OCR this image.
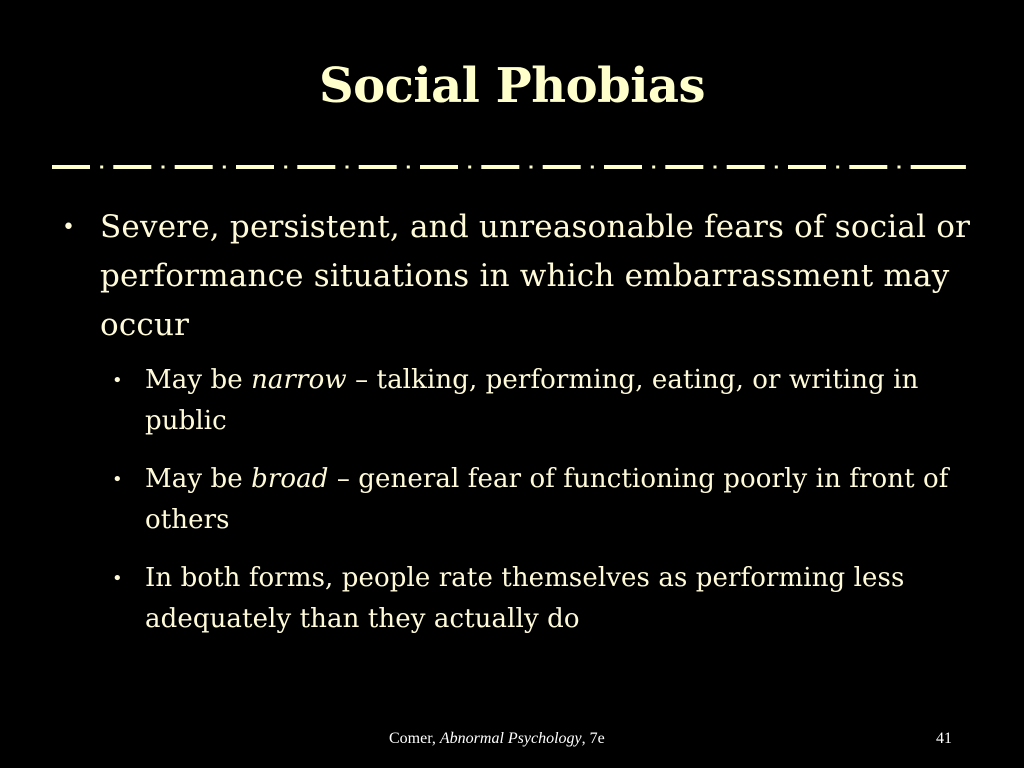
Social Phobias
• Severe, persistent, and unreasonable fears of social or performance situations in which embarrassment may occur
• May be narrow – talking, performing, eating, or writing in public
• May be broad – general fear of functioning poorly in front of others
• In both forms, people rate themselves as performing less adequately than they actually do
Comer, Abnormal Psychology, 7e	41
